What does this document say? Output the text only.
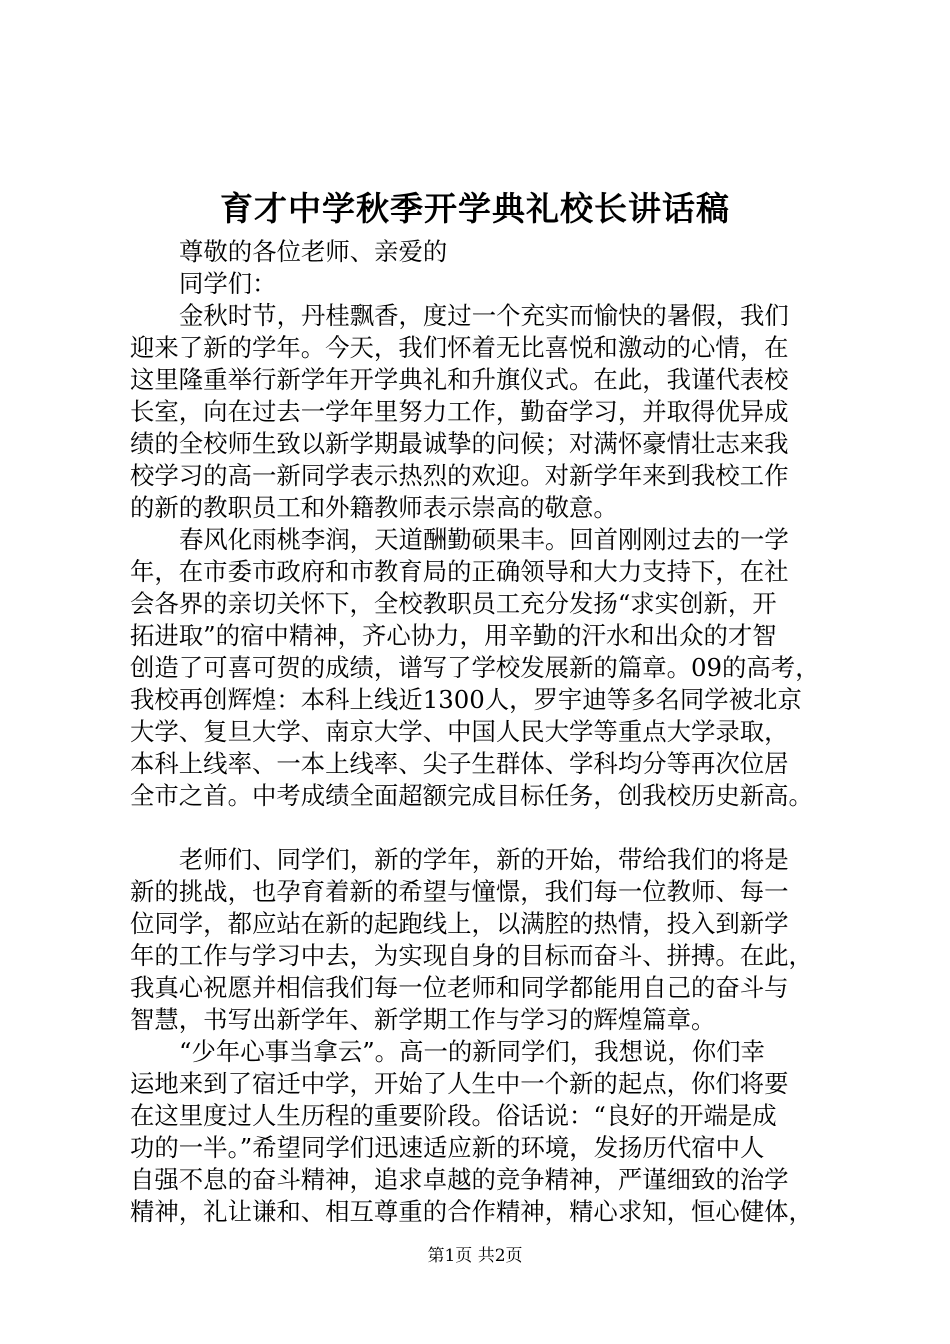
育才中学秋季开学典礼校长讲话稿
尊敬的各位老师、亲爱的
同学们：
金秋时节，丹桂飘香，度过一个充实而愉快的暑假，我们
迎来了新的学年。今天，我们怀着无比喜悦和激动的心情，在
这里隆重举行新学年开学典礼和升旗仪式。在此，我谨代表校
长室，向在过去一学年里努力工作，勤奋学习，并取得优异成
绩的全校师生致以新学期最诚挚的问候；对满怀豪情壮志来我
校学习的高一新同学表示热烈的欢迎。对新学年来到我校工作
的新的教职员工和外籍教师表示崇高的敬意。
春风化雨桃李润，天道酬勤硕果丰。回首刚刚过去的一学
年，在市委市政府和市教育局的正确领导和大力支持下，在社
会各界的亲切关怀下，全校教职员工充分发扬“求实创新，开
拓进取”的宿中精神，齐心协力，用辛勤的汗水和出众的才智
创造了可喜可贺的成绩，谱写了学校发展新的篇章。09的高考，
我校再创辉煌：本科上线近1300人，罗宇迪等多名同学被北京
大学、复旦大学、南京大学、中国人民大学等重点大学录取，
本科上线率、一本上线率、尖子生群体、学科均分等再次位居
全市之首。中考成绩全面超额完成目标任务，创我校历史新高。
老师们、同学们，新的学年，新的开始，带给我们的将是
新的挑战，也孕育着新的希望与憧憬，我们每一位教师、每一
位同学，都应站在新的起跑线上，以满腔的热情，投入到新学
年的工作与学习中去，为实现自身的目标而奋斗、拼搏。在此，
我真心祝愿并相信我们每一位老师和同学都能用自己的奋斗与
智慧，书写出新学年、新学期工作与学习的辉煌篇章。
“少年心事当拿云”。高一的新同学们，我想说，你们幸
运地来到了宿迁中学，开始了人生中一个新的起点，你们将要
在这里度过人生历程的重要阶段。俗话说：“良好的开端是成
功的一半。”希望同学们迅速适应新的环境，发扬历代宿中人
自强不息的奋斗精神，追求卓越的竞争精神，严谨细致的治学
精神，礼让谦和、相互尊重的合作精神，精心求知，恒心健体，
第1页 共2页
